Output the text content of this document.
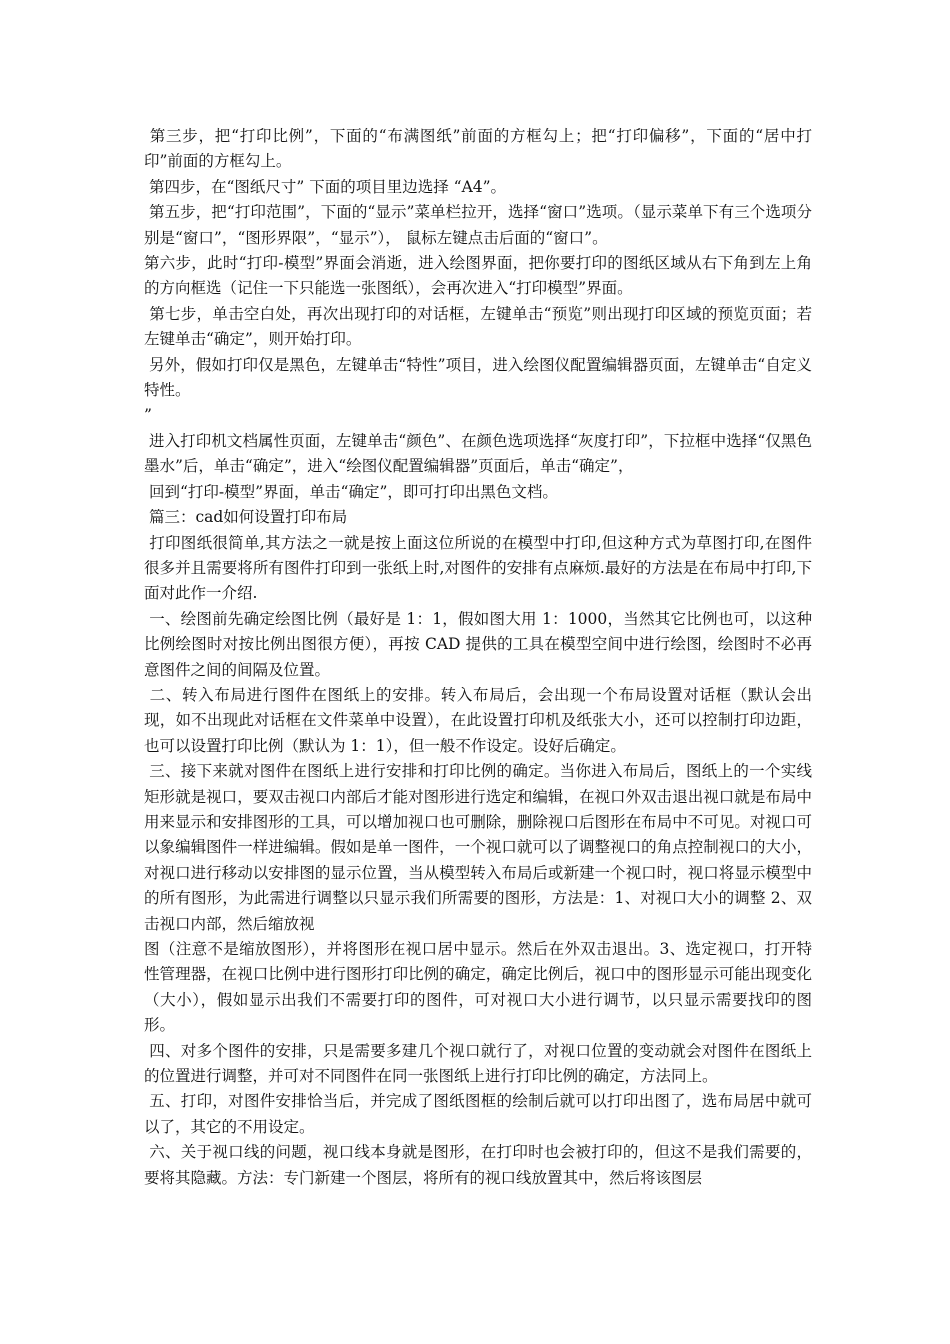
第三步，把“打印比例”，下面的“布满图纸”前面的方框勾上；把“打印偏移”，下面的“居中打印”前面的方框勾上。

第四步，在“图纸尺寸” 下面的项目里边选择 “A4”。

第五步，把“打印范围”，下面的“显示”菜单栏拉开，选择“窗口”选项。（显示菜单下有三个选项分别是“窗口”，“图形界限”，“显示”）， 鼠标左键点击后面的“窗口”。

第六步，此时“打印-模型”界面会消逝，进入绘图界面，把你要打印的图纸区域从右下角到左上角的方向框选（记住一下只能选一张图纸），会再次进入“打印模型”界面。

第七步，单击空白处，再次出现打印的对话框，左键单击“预览”则出现打印区域的预览页面；若左键单击“确定”，则开始打印。

另外，假如打印仅是黑色，左键单击“特性”项目，进入绘图仪配置编辑器页面，左键单击“自定义特性。

”

进入打印机文档属性页面，左键单击“颜色”、在颜色选项选择“灰度打印”，下拉框中选择“仅黑色墨水”后，单击“确定”，进入“绘图仪配置编辑器”页面后，单击“确定”，

回到“打印-模型”界面，单击“确定”，即可打印出黑色文档。

篇三：cad如何设置打印布局

打印图纸很简单,其方法之一就是按上面这位所说的在模型中打印,但这种方式为草图打印,在图件很多并且需要将所有图件打印到一张纸上时,对图件的安排有点麻烦.最好的方法是在布局中打印,下面对此作一介绍.

一、绘图前先确定绘图比例（最好是 1：1，假如图大用 1：1000，当然其它比例也可，以这种比例绘图时对按比例出图很方便），再按 CAD 提供的工具在模型空间中进行绘图，绘图时不必再意图件之间的间隔及位置。

二、转入布局进行图件在图纸上的安排。转入布局后，会出现一个布局设置对话框（默认会出现，如不出现此对话框在文件菜单中设置），在此设置打印机及纸张大小，还可以控制打印边距，也可以设置打印比例（默认为 1：1），但一般不作设定。设好后确定。

三、接下来就对图件在图纸上进行安排和打印比例的确定。当你进入布局后，图纸上的一个实线矩形就是视口，要双击视口内部后才能对图形进行选定和编辑，在视口外双击退出视口就是布局中用来显示和安排图形的工具，可以增加视口也可删除，删除视口后图形在布局中不可见。对视口可以象编辑图件一样进编辑。假如是单一图件，一个视口就可以了调整视口的角点控制视口的大小，对视口进行移动以安排图的显示位置，当从模型转入布局后或新建一个视口时，视口将显示模型中的所有图形，为此需进行调整以只显示我们所需要的图形，方法是：1、对视口大小的调整 2、双击视口内部，然后缩放视

图（注意不是缩放图形），并将图形在视口居中显示。然后在外双击退出。3、选定视口，打开特性管理器，在视口比例中进行图形打印比例的确定，确定比例后，视口中的图形显示可能出现变化（大小），假如显示出我们不需要打印的图件，可对视口大小进行调节，以只显示需要找印的图形。

四、对多个图件的安排，只是需要多建几个视口就行了，对视口位置的变动就会对图件在图纸上的位置进行调整，并可对不同图件在同一张图纸上进行打印比例的确定，方法同上。

五、打印，对图件安排恰当后，并完成了图纸图框的绘制后就可以打印出图了，选布局居中就可以了，其它的不用设定。

六、关于视口线的问题，视口线本身就是图形，在打印时也会被打印的，但这不是我们需要的，要将其隐藏。方法：专门新建一个图层，将所有的视口线放置其中，然后将该图层
